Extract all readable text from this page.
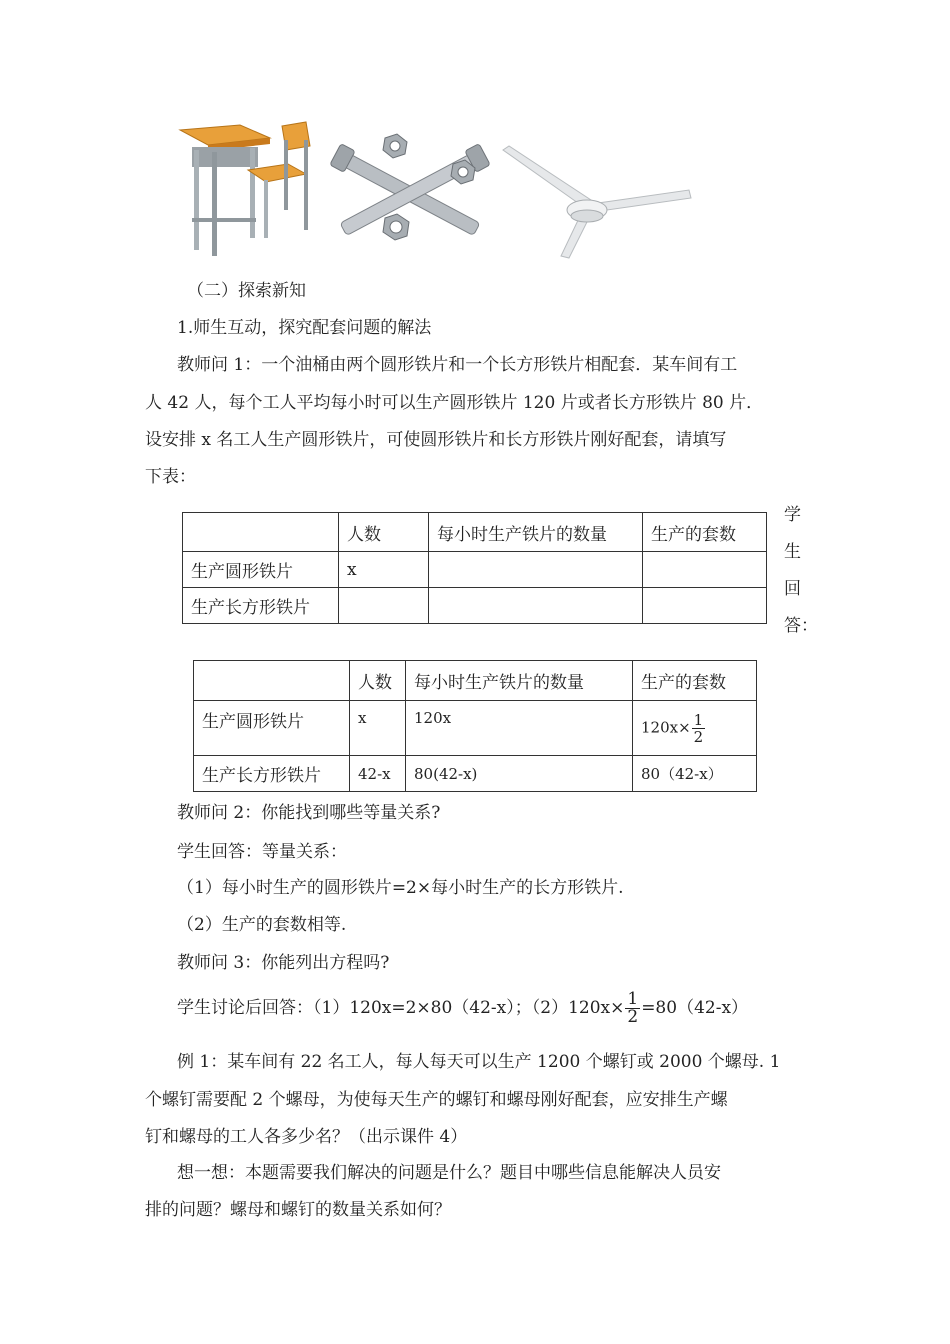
（二）探索新知
1.师生互动，探究配套问题的解法
教师问 1：一个油桶由两个圆形铁片和一个长方形铁片相配套．某车间有工
人 42 人，每个工人平均每小时可以生产圆形铁片 120 片或者长方形铁片 80 片．
设安排 x 名工人生产圆形铁片，可使圆形铁片和长方形铁片刚好配套，请填写
下表：
	人数	每小时生产铁片的数量	生产的套数
生产圆形铁片	x		
生产长方形铁片			
学
生
回
答：
	人数	每小时生产铁片的数量	生产的套数
生产圆形铁片	x	120x	$120x\times \frac{1}{2}$

生产长方形铁片	42-x	80(42-x)	80（42-x）
教师问 2：你能找到哪些等量关系?
学生回答：等量关系：
（1）每小时生产的圆形铁片=2×每小时生产的长方形铁片.
（2）生产的套数相等.
教师问 3：你能列出方程吗?
学生讨论后回答：（1）120x=2×80（42-x）；$(2)120x\times \frac{1}{2} =80(42-x)$
例 1：某车间有 22 名工人，每人每天可以生产 1200 个螺钉或 2000 个螺母. 1
个螺钉需要配 2 个螺母，为使每天生产的螺钉和螺母刚好配套，应安排生产螺
钉和螺母的工人各多少名？（出示课件 4）
想一想：本题需要我们解决的问题是什么？题目中哪些信息能解决人员安
排的问题？螺母和螺钉的数量关系如何？
